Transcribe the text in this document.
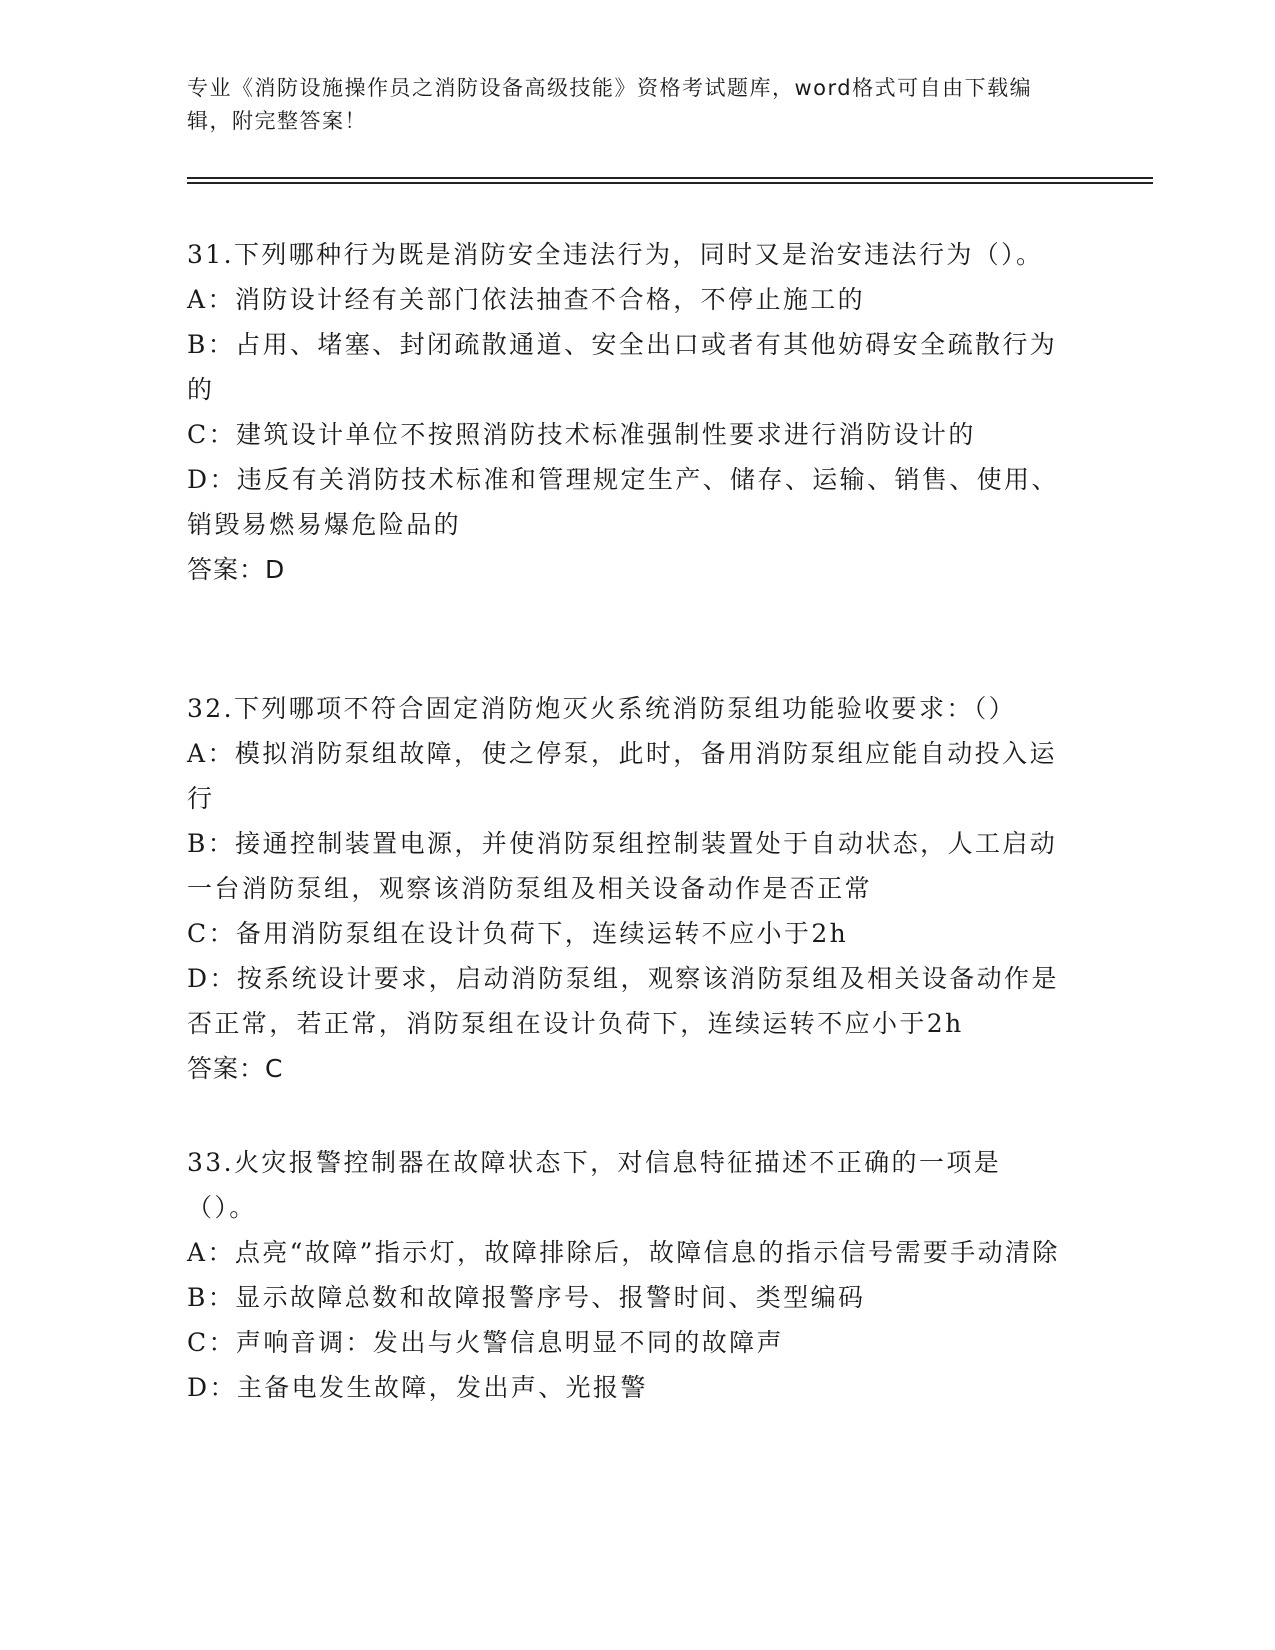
专业《消防设施操作员之消防设备高级技能》资格考试题库，word格式可自由下载编辑，附完整答案！

31.下列哪种行为既是消防安全违法行为，同时又是治安违法行为（）。

A：消防设计经有关部门依法抽查不合格，不停止施工的

B：占用、堵塞、封闭疏散通道、安全出口或者有其他妨碍安全疏散行为的

C：建筑设计单位不按照消防技术标准强制性要求进行消防设计的

D：违反有关消防技术标准和管理规定生产、储存、运输、销售、使用、销毁易燃易爆危险品的

答案：D

32.下列哪项不符合固定消防炮灭火系统消防泵组功能验收要求：（）

A：模拟消防泵组故障，使之停泵，此时，备用消防泵组应能自动投入运行

B：接通控制装置电源，并使消防泵组控制装置处于自动状态，人工启动一台消防泵组，观察该消防泵组及相关设备动作是否正常

C：备用消防泵组在设计负荷下，连续运转不应小于2h

D：按系统设计要求，启动消防泵组，观察该消防泵组及相关设备动作是否正常，若正常，消防泵组在设计负荷下，连续运转不应小于2h

答案：C

33.火灾报警控制器在故障状态下，对信息特征描述不正确的一项是（）。

A：点亮“故障”指示灯，故障排除后，故障信息的指示信号需要手动清除

B：显示故障总数和故障报警序号、报警时间、类型编码

C：声响音调：发出与火警信息明显不同的故障声

D：主备电发生故障，发出声、光报警
